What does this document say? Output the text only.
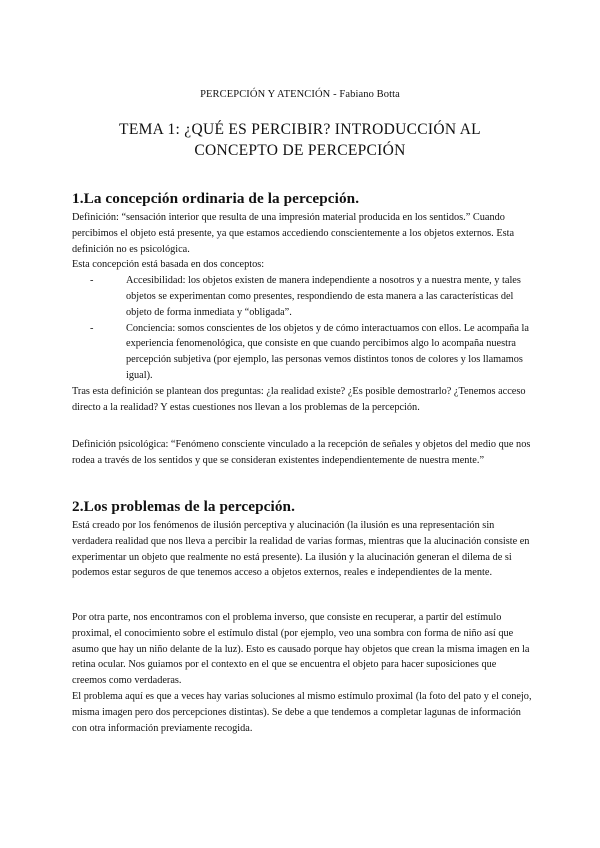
PERCEPCIÓN Y ATENCIÓN - Fabiano Botta
TEMA 1: ¿QUÉ ES PERCIBIR? INTRODUCCIÓN AL
CONCEPTO DE PERCEPCIÓN
1.La concepción ordinaria de la percepción.

Definición: “sensación interior que resulta de una impresión material producida en los sentidos.” Cuando percibimos el objeto está presente, ya que estamos accediendo conscientemente a los objetos externos. Esta definición no es psicológica.

Esta concepción está basada en dos conceptos:

-	Accesibilidad: los objetos existen de manera independiente a nosotros y a nuestra mente, y tales objetos se experimentan como presentes, respondiendo de esta manera a las características del objeto de forma inmediata y “obligada”.
-	Conciencia: somos conscientes de los objetos y de cómo interactuamos con ellos. Le acompaña la experiencia fenomenológica, que consiste en que cuando percibimos algo lo acompaña nuestra percepción subjetiva (por ejemplo, las personas vemos distintos tonos de colores y los llamamos igual).

Tras esta definición se plantean dos preguntas: ¿la realidad existe? ¿Es posible demostrarlo? ¿Tenemos acceso directo a la realidad? Y estas cuestiones nos llevan a los problemas de la percepción.

Definición psicológica: “Fenómeno consciente vinculado a la recepción de señales y objetos del medio que nos rodea a través de los sentidos y que se consideran existentes independientemente de nuestra mente.”

2.Los problemas de la percepción.

Está creado por los fenómenos de ilusión perceptiva y alucinación (la ilusión es una representación sin verdadera realidad que nos lleva a percibir la realidad de varias formas, mientras que la alucinación consiste en experimentar un objeto que realmente no está presente). La ilusión y la alucinación generan el dilema de si podemos estar seguros de que tenemos acceso a objetos externos, reales e independientes de la mente.

Por otra parte, nos encontramos con el problema inverso, que consiste en recuperar, a partir del estímulo proximal, el conocimiento sobre el estímulo distal (por ejemplo, veo una sombra con forma de niño así que asumo que hay un niño delante de la luz). Esto es causado porque hay objetos que crean la misma imagen en la retina ocular. Nos guiamos por el contexto en el que se encuentra el objeto para hacer suposiciones que creemos como verdaderas.

El problema aquí es que a veces hay varias soluciones al mismo estímulo proximal (la foto del pato y el conejo, misma imagen pero dos percepciones distintas). Se debe a que tendemos a completar lagunas de información con otra información previamente recogida.
